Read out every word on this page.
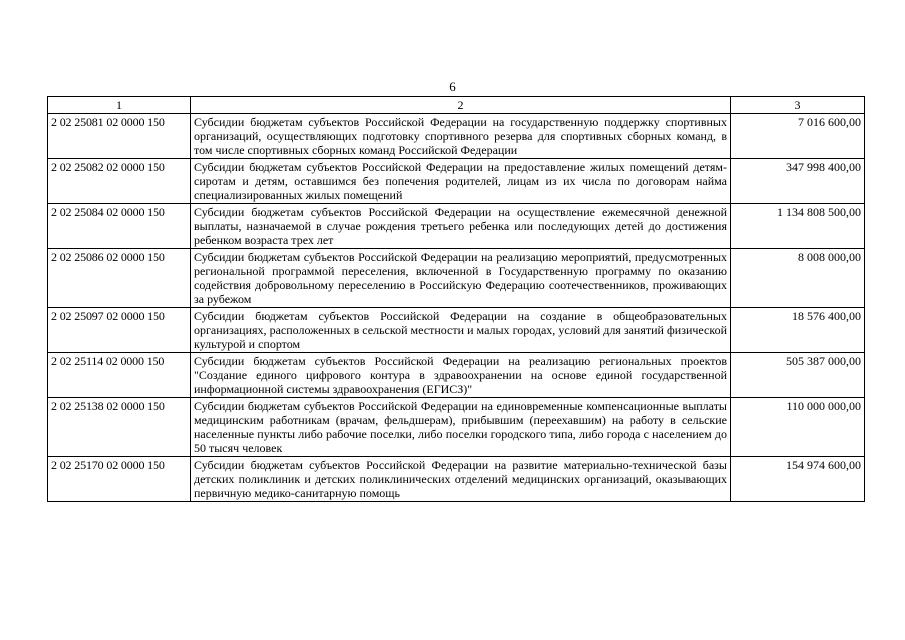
6
1	2	3
2 02 25081 02 0000 150	Субсидии бюджетам субъектов Российской Федерации на государственную поддержку спортивных организаций, осуществляющих подготовку спортивного резерва для спортивных сборных команд, в том числе спортивных сборных команд Российской Федерации	7 016 600,00
2 02 25082 02 0000 150	Субсидии бюджетам субъектов Российской Федерации на предоставление жилых помещений детям-сиротам и детям, оставшимся без попечения родителей, лицам из их числа по договорам найма специализированных жилых помещений	347 998 400,00
2 02 25084 02 0000 150	Субсидии бюджетам субъектов Российской Федерации на осуществление ежемесячной денежной выплаты, назначаемой в случае рождения третьего ребенка или последующих детей до достижения ребенком возраста трех лет	1 134 808 500,00
2 02 25086 02 0000 150	Субсидии бюджетам субъектов Российской Федерации на реализацию мероприятий, предусмотренных региональной программой переселения, включенной в Государственную программу по оказанию содействия добровольному переселению в Российскую Федерацию соотечественников, проживающих за рубежом	8 008 000,00
2 02 25097 02 0000 150	Субсидии бюджетам субъектов Российской Федерации на создание в общеобразовательных организациях, расположенных в сельской местности и малых городах, условий для занятий физической культурой и спортом	18 576 400,00
2 02 25114 02 0000 150	Субсидии бюджетам субъектов Российской Федерации на реализацию региональных проектов "Создание единого цифрового контура в здравоохранении на основе единой государственной информационной системы здравоохранения (ЕГИСЗ)"	505 387 000,00
2 02 25138 02 0000 150	Субсидии бюджетам субъектов Российской Федерации на единовременные компенсационные выплаты медицинским работникам (врачам, фельдшерам), прибывшим (переехавшим) на работу в сельские населенные пункты либо рабочие поселки, либо поселки городского типа, либо города с населением до 50 тысяч человек	110 000 000,00
2 02 25170 02 0000 150	Субсидии бюджетам субъектов Российской Федерации на развитие материально-технической базы детских поликлиник и детских поликлинических отделений медицинских организаций, оказывающих первичную медико-санитарную помощь	154 974 600,00
